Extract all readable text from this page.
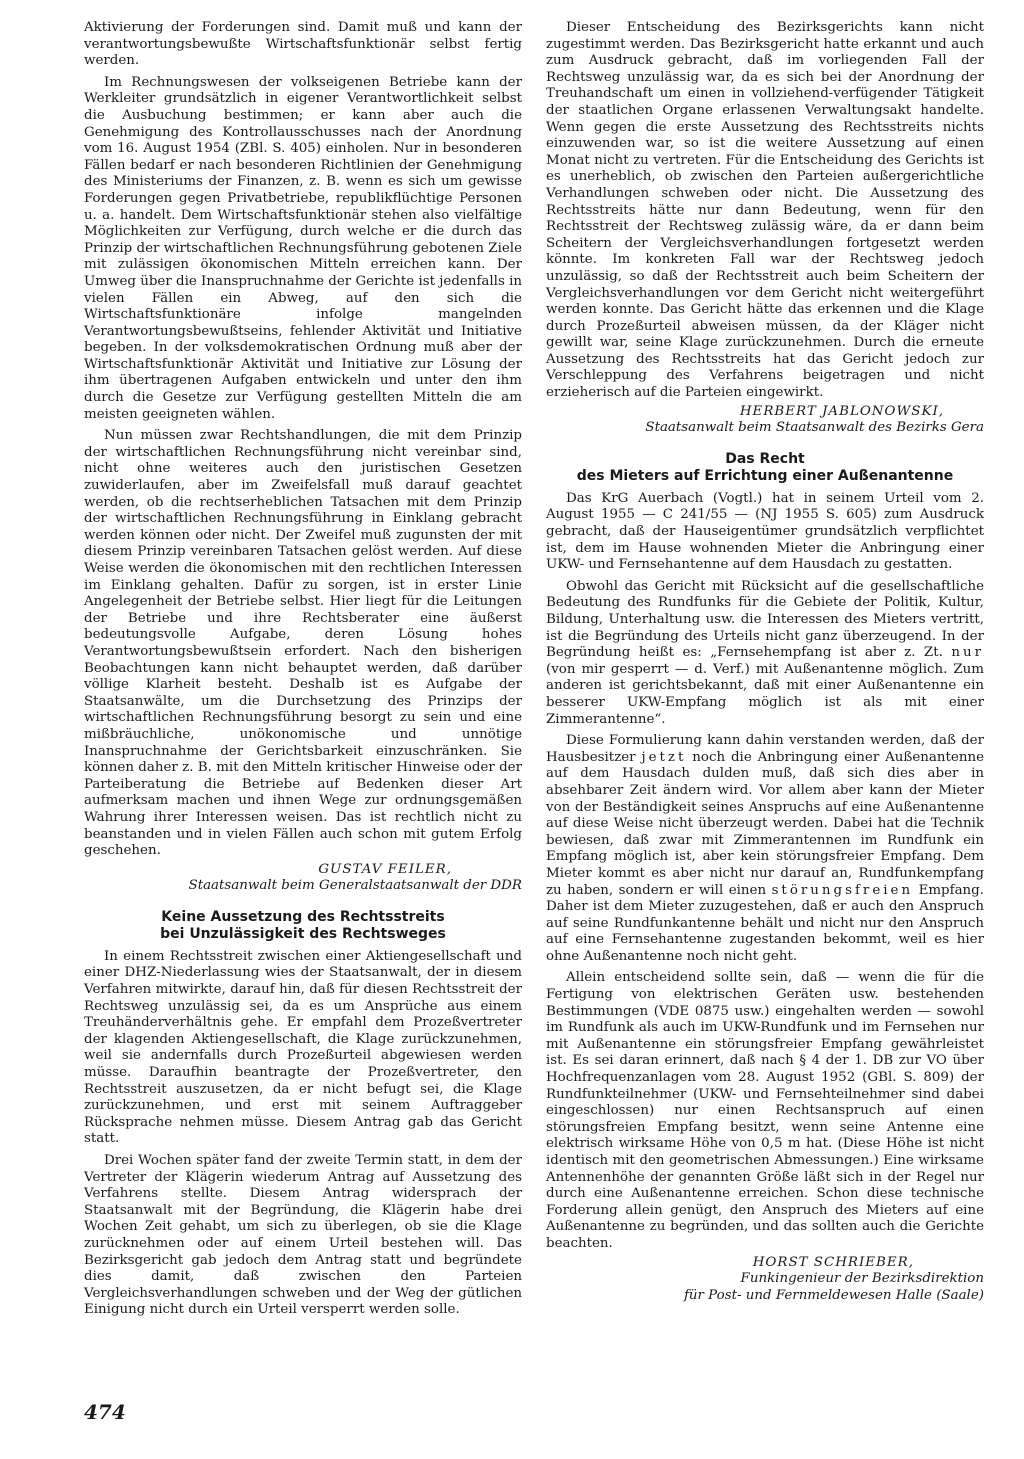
Aktivierung der Forderungen sind. Damit muß und kann der verantwortungsbewußte Wirtschaftsfunktionär selbst fertig werden.

Im Rechnungswesen der volkseigenen Betriebe kann der Werkleiter grundsätzlich in eigener Verantwortlichkeit selbst die Ausbuchung bestimmen; er kann aber auch die Genehmigung des Kontrollausschusses nach der Anordnung vom 16. August 1954 (ZBl. S. 405) einholen. Nur in besonderen Fällen bedarf er nach besonderen Richtlinien der Genehmigung des Ministeriums der Finanzen, z. B. wenn es sich um gewisse Forderungen gegen Privatbetriebe, republikflüchtige Personen u. a. handelt. Dem Wirtschaftsfunktionär stehen also vielfältige Möglichkeiten zur Verfügung, durch welche er die durch das Prinzip der wirtschaftlichen Rechnungsführung gebotenen Ziele mit zulässigen ökonomischen Mitteln erreichen kann. Der Umweg über die Inanspruchnahme der Gerichte ist jedenfalls in vielen Fällen ein Abweg, auf den sich die Wirtschaftsfunktionäre infolge mangelnden Verantwortungsbewußtseins, fehlender Aktivität und Initiative begeben. In der volksdemokratischen Ordnung muß aber der Wirtschaftsfunktionär Aktivität und Initiative zur Lösung der ihm übertragenen Aufgaben entwickeln und unter den ihm durch die Gesetze zur Verfügung gestellten Mitteln die am meisten geeigneten wählen.

Nun müssen zwar Rechtshandlungen, die mit dem Prinzip der wirtschaftlichen Rechnungsführung nicht vereinbar sind, nicht ohne weiteres auch den juristischen Gesetzen zuwiderlaufen, aber im Zweifelsfall muß darauf geachtet werden, ob die rechtserheblichen Tatsachen mit dem Prinzip der wirtschaftlichen Rechnungsführung in Einklang gebracht werden können oder nicht. Der Zweifel muß zugunsten der mit diesem Prinzip vereinbaren Tatsachen gelöst werden. Auf diese Weise werden die ökonomischen mit den rechtlichen Interessen im Einklang gehalten. Dafür zu sorgen, ist in erster Linie Angelegenheit der Betriebe selbst. Hier liegt für die Leitungen der Betriebe und ihre Rechtsberater eine äußerst bedeutungsvolle Aufgabe, deren Lösung hohes Verantwortungsbewußtsein erfordert. Nach den bisherigen Beobachtungen kann nicht behauptet werden, daß darüber völlige Klarheit besteht. Deshalb ist es Aufgabe der Staatsanwälte, um die Durchsetzung des Prinzips der wirtschaftlichen Rechnungsführung besorgt zu sein und eine mißbräuchliche, unökonomische und unnötige Inanspruchnahme der Gerichtsbarkeit einzuschränken. Sie können daher z. B. mit den Mitteln kritischer Hinweise oder der Parteiberatung die Betriebe auf Bedenken dieser Art aufmerksam machen und ihnen Wege zur ordnungsgemäßen Wahrung ihrer Interessen weisen. Das ist rechtlich nicht zu beanstanden und in vielen Fällen auch schon mit gutem Erfolg geschehen.

GUSTAV FEILER,

Staatsanwalt beim Generalstaatsanwalt der DDR

Keine Aussetzung des Rechtsstreits
bei Unzulässigkeit des Rechtsweges

In einem Rechtsstreit zwischen einer Aktiengesellschaft und einer DHZ-Niederlassung wies der Staatsanwalt, der in diesem Verfahren mitwirkte, darauf hin, daß für diesen Rechtsstreit der Rechtsweg unzulässig sei, da es um Ansprüche aus einem Treuhänderverhältnis gehe. Er empfahl dem Prozeßvertreter der klagenden Aktiengesellschaft, die Klage zurückzunehmen, weil sie andernfalls durch Prozeßurteil abgewiesen werden müsse. Daraufhin beantragte der Prozeßvertreter, den Rechtsstreit auszusetzen, da er nicht befugt sei, die Klage zurückzunehmen, und erst mit seinem Auftraggeber Rücksprache nehmen müsse. Diesem Antrag gab das Gericht statt.

Drei Wochen später fand der zweite Termin statt, in dem der Vertreter der Klägerin wiederum Antrag auf Aussetzung des Verfahrens stellte. Diesem Antrag widersprach der Staatsanwalt mit der Begründung, die Klägerin habe drei Wochen Zeit gehabt, um sich zu überlegen, ob sie die Klage zurücknehmen oder auf einem Urteil bestehen will. Das Bezirksgericht gab jedoch dem Antrag statt und begründete dies damit, daß zwischen den Parteien Vergleichsverhandlungen schweben und der Weg der gütlichen Einigung nicht durch ein Urteil versperrt werden solle.

Dieser Entscheidung des Bezirksgerichts kann nicht zugestimmt werden. Das Bezirksgericht hatte erkannt und auch zum Ausdruck gebracht, daß im vorliegenden Fall der Rechtsweg unzulässig war, da es sich bei der Anordnung der Treuhandschaft um einen in vollziehend-verfügender Tätigkeit der staatlichen Organe erlassenen Verwaltungsakt handelte. Wenn gegen die erste Aussetzung des Rechtsstreits nichts einzuwenden war, so ist die weitere Aussetzung auf einen Monat nicht zu vertreten. Für die Entscheidung des Gerichts ist es unerheblich, ob zwischen den Parteien außergerichtliche Verhandlungen schweben oder nicht. Die Aussetzung des Rechtsstreits hätte nur dann Bedeutung, wenn für den Rechtsstreit der Rechtsweg zulässig wäre, da er dann beim Scheitern der Vergleichsverhandlungen fortgesetzt werden könnte. Im konkreten Fall war der Rechtsweg jedoch unzulässig, so daß der Rechtsstreit auch beim Scheitern der Vergleichsverhandlungen vor dem Gericht nicht weitergeführt werden konnte. Das Gericht hätte das erkennen und die Klage durch Prozeßurteil abweisen müssen, da der Kläger nicht gewillt war, seine Klage zurückzunehmen. Durch die erneute Aussetzung des Rechtsstreits hat das Gericht jedoch zur Verschleppung des Verfahrens beigetragen und nicht erzieherisch auf die Parteien eingewirkt.

HERBERT JABLONOWSKI,

Staatsanwalt beim Staatsanwalt des Bezirks Gera

Das Recht
des Mieters auf Errichtung einer Außenantenne

Das KrG Auerbach (Vogtl.) hat in seinem Urteil vom 2. August 1955 — C 241/55 — (NJ 1955 S. 605) zum Ausdruck gebracht, daß der Hauseigentümer grundsätzlich verpflichtet ist, dem im Hause wohnenden Mieter die Anbringung einer UKW- und Fernsehantenne auf dem Hausdach zu gestatten.

Obwohl das Gericht mit Rücksicht auf die gesellschaftliche Bedeutung des Rundfunks für die Gebiete der Politik, Kultur, Bildung, Unterhaltung usw. die Interessen des Mieters vertritt, ist die Begründung des Urteils nicht ganz überzeugend. In der Begründung heißt es: „Fernsehempfang ist aber z. Zt. nur (von mir gesperrt — d. Verf.) mit Außenantenne möglich. Zum anderen ist gerichtsbekannt, daß mit einer Außenantenne ein besserer UKW-Empfang möglich ist als mit einer Zimmerantenne“.

Diese Formulierung kann dahin verstanden werden, daß der Hausbesitzer jetzt noch die Anbringung einer Außenantenne auf dem Hausdach dulden muß, daß sich dies aber in absehbarer Zeit ändern wird. Vor allem aber kann der Mieter von der Beständigkeit seines Anspruchs auf eine Außenantenne auf diese Weise nicht überzeugt werden. Dabei hat die Technik bewiesen, daß zwar mit Zimmerantennen im Rundfunk ein Empfang möglich ist, aber kein störungsfreier Empfang. Dem Mieter kommt es aber nicht nur darauf an, Rundfunkempfang zu haben, sondern er will einen störungsfreien Empfang. Daher ist dem Mieter zuzugestehen, daß er auch den Anspruch auf seine Rundfunkantenne behält und nicht nur den Anspruch auf eine Fernsehantenne zugestanden bekommt, weil es hier ohne Außenantenne noch nicht geht.

Allein entscheidend sollte sein, daß — wenn die für die Fertigung von elektrischen Geräten usw. bestehenden Bestimmungen (VDE 0875 usw.) eingehalten werden — sowohl im Rundfunk als auch im UKW-Rundfunk und im Fernsehen nur mit Außenantenne ein störungsfreier Empfang gewährleistet ist. Es sei daran erinnert, daß nach § 4 der 1. DB zur VO über Hochfrequenzanlagen vom 28. August 1952 (GBl. S. 809) der Rundfunkteilnehmer (UKW- und Fernsehteilnehmer sind dabei eingeschlossen) nur einen Rechtsanspruch auf einen störungsfreien Empfang besitzt, wenn seine Antenne eine elektrisch wirksame Höhe von 0,5 m hat. (Diese Höhe ist nicht identisch mit den geometrischen Abmessungen.) Eine wirksame Antennenhöhe der genannten Größe läßt sich in der Regel nur durch eine Außenantenne erreichen. Schon diese technische Forderung allein genügt, den Anspruch des Mieters auf eine Außenantenne zu begründen, und das sollten auch die Gerichte beachten.

HORST SCHRIEBER,

Funkingenieur der Bezirksdirektion

für Post- und Fernmeldewesen Halle (Saale)

474
